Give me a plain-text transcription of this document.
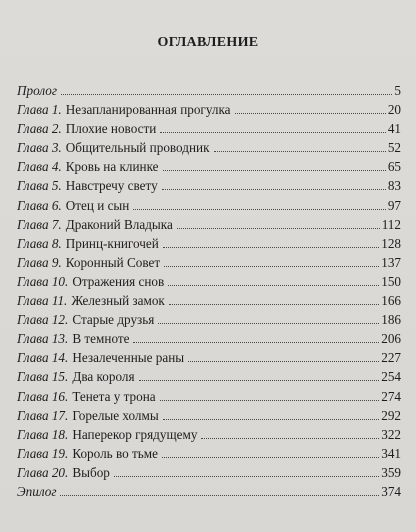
ОГЛАВЛЕНИЕ
Пролог	5
Глава 1. Незапланированная прогулка	20
Глава 2. Плохие новости	41
Глава 3. Общительный проводник	52
Глава 4. Кровь на клинке	65
Глава 5. Навстречу свету	83
Глава 6. Отец и сын	97
Глава 7. Драконий Владыка	112
Глава 8. Принц-книгочей	128
Глава 9. Коронный Совет	137
Глава 10. Отражения снов	150
Глава 11. Железный замок	166
Глава 12. Старые друзья	186
Глава 13. В темноте	206
Глава 14. Незалеченные раны	227
Глава 15. Два короля	254
Глава 16. Тенета у трона	274
Глава 17. Горелые холмы	292
Глава 18. Наперекор грядущему	322
Глава 19. Король во тьме	341
Глава 20. Выбор	359
Эпилог	374
